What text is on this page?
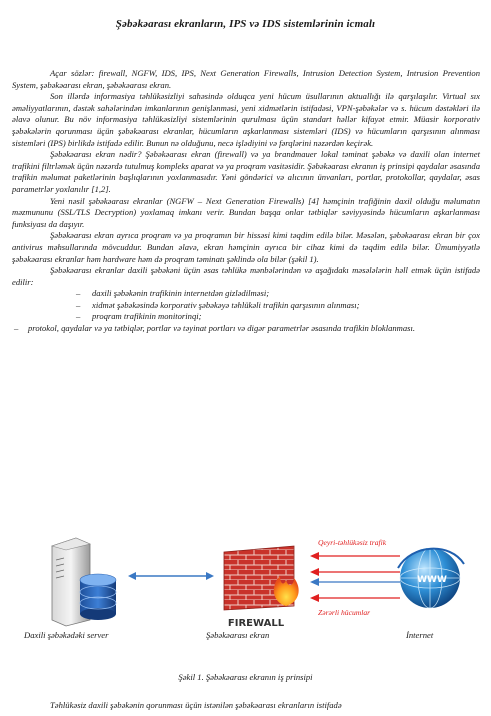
Şəbəkəarası ekranların, IPS və IDS sistemlərinin icmalı

Açar sözlər: firewall, NGFW, IDS, IPS, Next Generation Firewalls, Intrusion Detection System, Intrusion Prevention System, şəbəkəarası ekran, şəbəkəarası ekran.

Son illərdə informasiya təhlükəsizliyi sahəsində olduqca yeni hücum üsullarının aktuallığı ilə qarşılaşılır. Virtual sıx əməliyyatlarının, dəstək sahələrindən imkanlarının genişlənməsi, yeni xidmətlərin istifadəsi, VPN-şəbəkələr və s. hücum dəstəkləri ilə əlavə olunur. Bu növ informasiya təhlükəsizliyi sistemlərinin qurulması üçün standart həllər kifayət etmir. Müasir korporativ şəbəkələrin qorunması üçün şəbəkəarası ekranlar, hücumların aşkarlanması sistemləri (IDS) və hücumların qarşısının alınması sistemləri (IPS) birlikdə istifadə edilir. Bunun nə olduğunu, necə işlədiyini və fərqlərini nəzərdən keçirək.

Şəbəkəarası ekran nədir? Şəbəkəarası ekran (firewall) və ya brandmauer lokal təminat şəbəkə və daxili olan internet trafikini filtrləmək üçün nəzərdə tutulmuş kompleks aparat və ya proqram vasitəsidir. Şəbəkəarası ekranın iş prinsipi qaydalar əsasında trafikin məlumat paketlərinin başlıqlarının yoxlanmasıdır. Yəni göndərici və alıcının ünvanları, portlar, protokollar, qaydalar, əsas parametrlər yoxlanılır [1,2].

Yeni nəsil şəbəkəarası ekranlar (NGFW – Next Generation Firewalls) [4] həmçinin trafiğinin daxil olduğu məlumatın məzmununu (SSL/TLS Decryption) yoxlamaq imkanı verir. Bundan başqa onlar tətbiqlər səviyyəsində hücumların aşkarlanması funksiyası da daşıyır.

Şəbəkəarası ekran ayrıca proqram və ya proqramın bir hissəsi kimi təqdim edilə bilər. Məsələn, şəbəkəarası ekran bir çox antivirus məhsullarında mövcuddur. Bundan əlavə, ekran həmçinin ayrıca bir cihaz kimi də təqdim edilə bilər. Ümumiyyətlə şəbəkəarası ekranlar həm hardware həm də proqram təminatı şəklində ola bilər (şəkil 1).

Şəbəkəarası ekranlar daxili şəbəkəni üçün əsas təhlükə mənbələrindən və aşağıdakı məsələlərin həll etmək üçün istifadə edilir:

– daxili şəbəkənin trafikinin internetdən gizlədilməsi;
– xidmət şəbəkəsində korporativ şəbəkəyə təhlükəli trafikin qarşısının alınması;
– proqram trafikinin monitorinqi;
– protokol, qaydalar və ya tətbiqlər, portlar və təyinat portları və digər parametrlər əsasında trafikin bloklanması.
FIREWALL
Qeyri-təhlükəsiz trafik
Zərərli hücumlar
WWW
Daxili şəbəkədəki server	Şəbəkəarası ekran	İnternet
Şəkil 1. Şəbəkəarası ekranın iş prinsipi
Təhlükəsiz daxili şəbəkənin qorunması üçün istənilən şəbəkəarası ekranların istifadə
